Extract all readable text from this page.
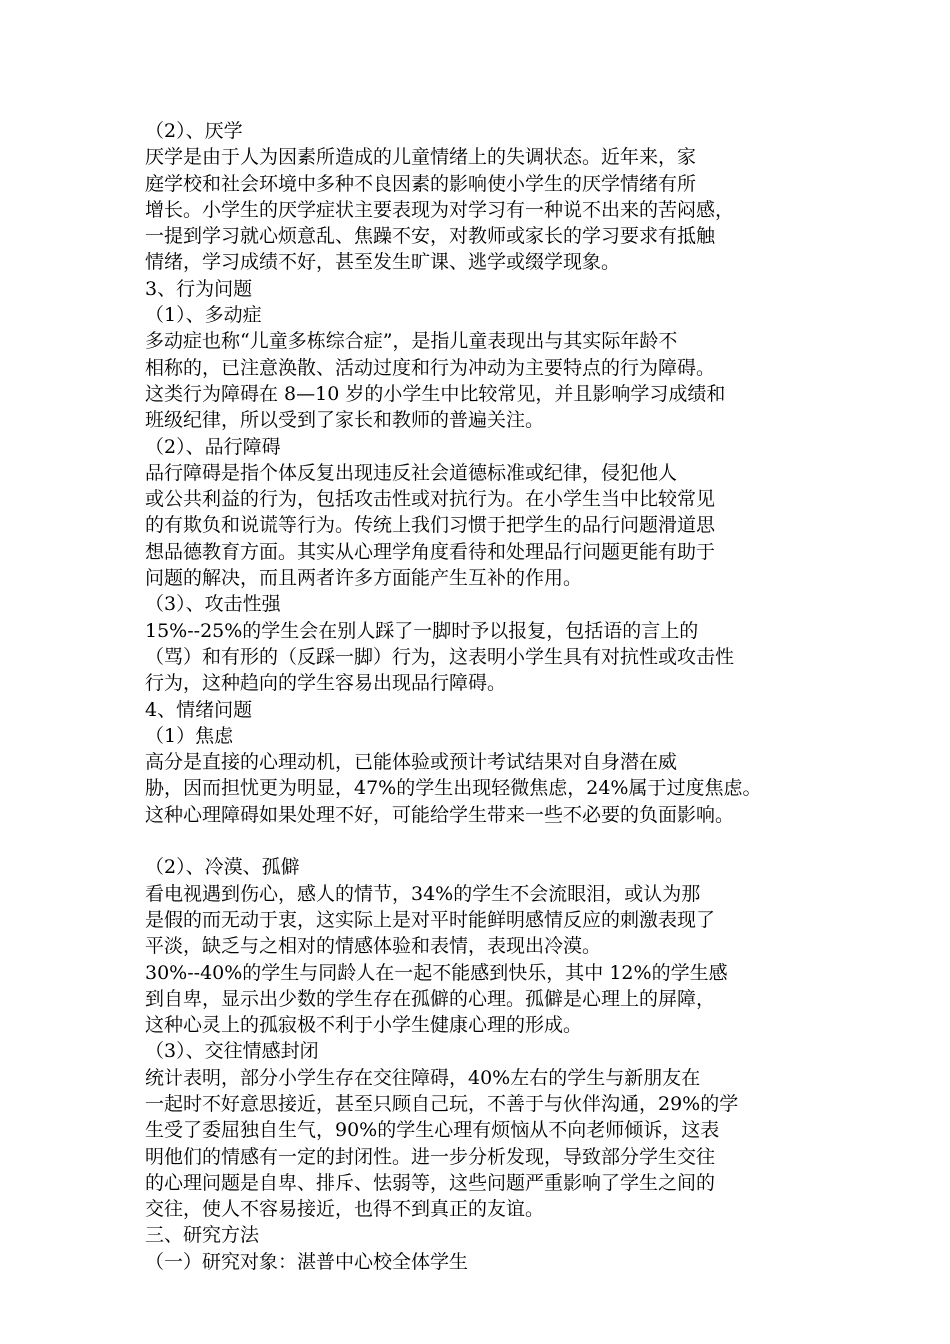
（2）、厌学
厌学是由于人为因素所造成的儿童情绪上的失调状态。近年来，家
庭学校和社会环境中多种不良因素的影响使小学生的厌学情绪有所
增长。小学生的厌学症状主要表现为对学习有一种说不出来的苦闷感，
一提到学习就心烦意乱、焦躁不安，对教师或家长的学习要求有抵触
情绪，学习成绩不好，甚至发生旷课、逃学或缀学现象。
3、行为问题
（1）、多动症
多动症也称“儿童多栋综合症”，是指儿童表现出与其实际年龄不
相称的，已注意涣散、活动过度和行为冲动为主要特点的行为障碍。
这类行为障碍在 8—10 岁的小学生中比较常见，并且影响学习成绩和
班级纪律，所以受到了家长和教师的普遍关注。
（2）、品行障碍
品行障碍是指个体反复出现违反社会道德标准或纪律，侵犯他人
或公共利益的行为，包括攻击性或对抗行为。在小学生当中比较常见
的有欺负和说谎等行为。传统上我们习惯于把学生的品行问题滑道思
想品德教育方面。其实从心理学角度看待和处理品行问题更能有助于
问题的解决，而且两者许多方面能产生互补的作用。
（3）、攻击性强
15%--25%的学生会在别人踩了一脚时予以报复，包括语的言上的
（骂）和有形的（反踩一脚）行为，这表明小学生具有对抗性或攻击性
行为，这种趋向的学生容易出现品行障碍。
4、情绪问题
（1）焦虑
高分是直接的心理动机，已能体验或预计考试结果对自身潜在威
胁，因而担忧更为明显，47%的学生出现轻微焦虑，24%属于过度焦虑。
这种心理障碍如果处理不好，可能给学生带来一些不必要的负面影响。
（2）、冷漠、孤僻
看电视遇到伤心，感人的情节，34%的学生不会流眼泪，或认为那
是假的而无动于衷，这实际上是对平时能鲜明感情反应的刺激表现了
平淡，缺乏与之相对的情感体验和表情，表现出冷漠。
30%--40%的学生与同龄人在一起不能感到快乐，其中 12%的学生感
到自卑，显示出少数的学生存在孤僻的心理。孤僻是心理上的屏障，
这种心灵上的孤寂极不利于小学生健康心理的形成。
（3）、交往情感封闭
统计表明，部分小学生存在交往障碍，40%左右的学生与新朋友在
一起时不好意思接近，甚至只顾自己玩，不善于与伙伴沟通，29%的学
生受了委屈独自生气，90%的学生心理有烦恼从不向老师倾诉，这表
明他们的情感有一定的封闭性。进一步分析发现，导致部分学生交往
的心理问题是自卑、排斥、怯弱等，这些问题严重影响了学生之间的
交往，使人不容易接近，也得不到真正的友谊。
三、研究方法
（一）研究对象：湛普中心校全体学生
